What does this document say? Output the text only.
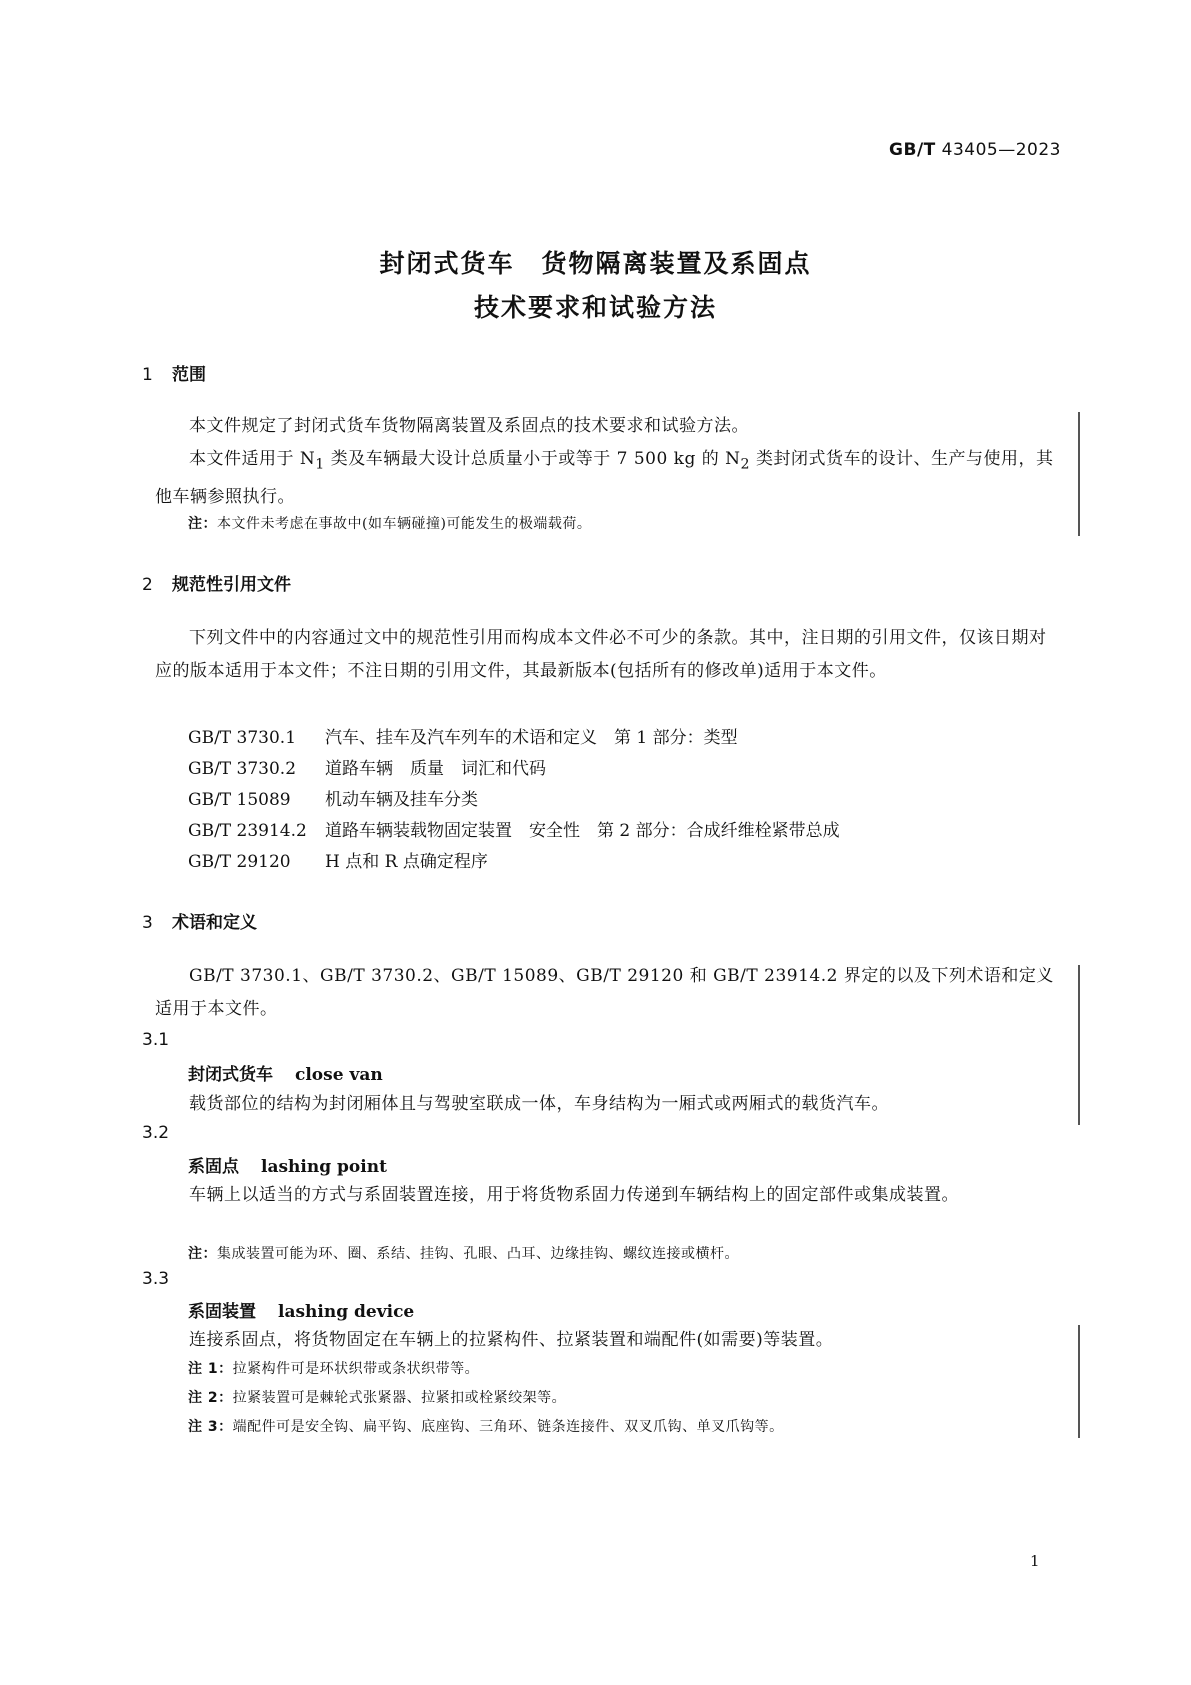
GB/T 43405—2023
封闭式货车　货物隔离装置及系固点
技术要求和试验方法
1 范围
本文件规定了封闭式货车货物隔离装置及系固点的技术要求和试验方法。
本文件适用于 $N_1$ 类及车辆最大设计总质量小于或等于 7 500 kg 的 $N_2$ 类封闭式货车的设计、生产与使用，其他车辆参照执行。
注：本文件未考虑在事故中(如车辆碰撞)可能发生的极端载荷。
2 规范性引用文件
下列文件中的内容通过文中的规范性引用而构成本文件必不可少的条款。其中，注日期的引用文件，仅该日期对应的版本适用于本文件；不注日期的引用文件，其最新版本(包括所有的修改单)适用于本文件。
GB/T 3730.1　 汽车、挂车及汽车列车的术语和定义　第 1 部分：类型
GB/T 3730.2　 道路车辆　质量　词汇和代码
GB/T 15089　 机动车辆及挂车分类
GB/T 23914.2　 道路车辆装载物固定装置　安全性　第 2 部分：合成纤维栓紧带总成
GB/T 29120　 H 点和 R 点确定程序
3 术语和定义
GB/T 3730.1、GB/T 3730.2、GB/T 15089、GB/T 29120 和 GB/T 23914.2 界定的以及下列术语和定义适用于本文件。
3.1
封闭式货车 close van
载货部位的结构为封闭厢体且与驾驶室联成一体，车身结构为一厢式或两厢式的载货汽车。
3.2
系固点 lashing point
车辆上以适当的方式与系固装置连接，用于将货物系固力传递到车辆结构上的固定部件或集成装置。
注：集成装置可能为环、圈、系结、挂钩、孔眼、凸耳、边缘挂钩、螺纹连接或横杆。
3.3
系固装置 lashing device
连接系固点，将货物固定在车辆上的拉紧构件、拉紧装置和端配件(如需要)等装置。
注 1：拉紧构件可是环状织带或条状织带等。
注 2：拉紧装置可是棘轮式张紧器、拉紧扣或栓紧绞架等。
注 3：端配件可是安全钩、扁平钩、底座钩、三角环、链条连接件、双叉爪钩、单叉爪钩等。
1
